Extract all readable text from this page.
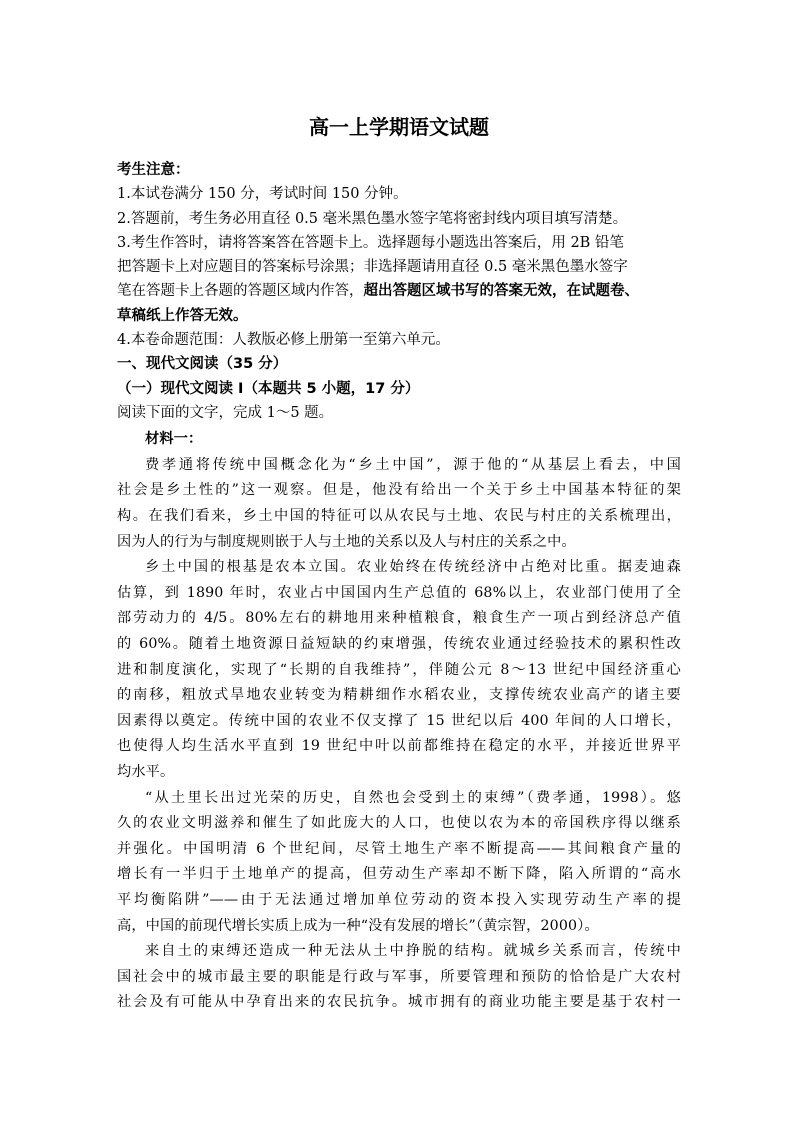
高一上学期语文试题
考生注意：
1.本试卷满分 150 分，考试时间 150 分钟。
2.答题前，考生务必用直径 0.5 毫米黑色墨水签字笔将密封线内项目填写清楚。
3.考生作答时，请将答案答在答题卡上。选择题每小题选出答案后，用 2B 铅笔
把答题卡上对应题目的答案标号涂黑；非选择题请用直径 0.5 毫米黑色墨水签字
笔在答题卡上各题的答题区域内作答，超出答题区域书写的答案无效，在试题卷、
草稿纸上作答无效。
4.本卷命题范围：人教版必修上册第一至第六单元。
一、现代文阅读（35 分）
（一）现代文阅读 I（本题共 5 小题，17 分）
阅读下面的文字，完成 1～5 题。
材料一：
费孝通将传统中国概念化为“乡土中国”，源于他的“从基层上看去，中国
社会是乡土性的”这一观察。但是，他没有给出一个关于乡土中国基本特征的架
构。在我们看来，乡土中国的特征可以从农民与土地、农民与村庄的关系梳理出，
因为人的行为与制度规则嵌于人与土地的关系以及人与村庄的关系之中。
乡土中国的根基是农本立国。农业始终在传统经济中占绝对比重。据麦迪森
估算，到 1890 年时，农业占中国国内生产总值的 68%以上，农业部门使用了全
部劳动力的 4/5。80%左右的耕地用来种植粮食，粮食生产一项占到经济总产值
的 60%。随着土地资源日益短缺的约束增强，传统农业通过经验技术的累积性改
进和制度演化，实现了“长期的自我维持”，伴随公元 8～13 世纪中国经济重心
的南移，粗放式旱地农业转变为精耕细作水稻农业，支撑传统农业高产的诸主要
因素得以奠定。传统中国的农业不仅支撑了 15 世纪以后 400 年间的人口增长，
也使得人均生活水平直到 19 世纪中叶以前都维持在稳定的水平，并接近世界平
均水平。
“从土里长出过光荣的历史，自然也会受到土的束缚”（费孝通，1998）。悠
久的农业文明滋养和催生了如此庞大的人口，也使以农为本的帝国秩序得以继系
并强化。中国明清 6 个世纪间，尽管土地生产率不断提高——其间粮食产量的
增长有一半归于土地单产的提高，但劳动生产率却不断下降，陷入所谓的“高水
平均衡陷阱”——由于无法通过增加单位劳动的资本投入实现劳动生产率的提
高，中国的前现代增长实质上成为一种“没有发展的增长”（黄宗智，2000）。
来自土的束缚还造成一种无法从土中挣脱的结构。就城乡关系而言，传统中
国社会中的城市最主要的职能是行政与军事，所要管理和预防的恰恰是广大农村
社会及有可能从中孕育出来的农民抗争。城市拥有的商业功能主要是基于农村一
